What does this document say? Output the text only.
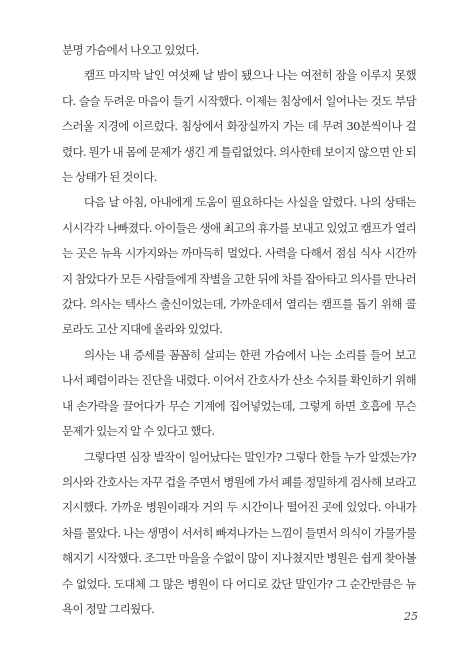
분명 가슴에서 나오고 있었다.

캠프 마지막 날인 여섯째 날 밤이 됐으나 나는 여전히 잠을 이루지 못했다. 슬슬 두려운 마음이 들기 시작했다. 이제는 침상에서 일어나는 것도 부담스러울 지경에 이르렀다. 침상에서 화장실까지 가는 데 무려 30분씩이나 걸렸다. 뭔가 내 몸에 문제가 생긴 게 틀림없었다. 의사한테 보이지 않으면 안 되는 상태가 된 것이다.

다음 날 아침, 아내에게 도움이 필요하다는 사실을 알렸다. 나의 상태는 시시각각 나빠졌다. 아이들은 생애 최고의 휴가를 보내고 있었고 캠프가 열리는 곳은 뉴욕 시가지와는 까마득히 멀었다. 사력을 다해서 점심 식사 시간까지 참았다가 모든 사람들에게 작별을 고한 뒤에 차를 잡아타고 의사를 만나러 갔다. 의사는 텍사스 출신이었는데, 가까운데서 열리는 캠프를 돕기 위해 콜로라도 고산 지대에 올라와 있었다.

의사는 내 증세를 꼼꼼히 살피는 한편 가슴에서 나는 소리를 들어 보고 나서 폐렴이라는 진단을 내렸다. 이어서 간호사가 산소 수치를 확인하기 위해 내 손가락을 끌어다가 무슨 기계에 집어넣었는데, 그렇게 하면 호흡에 무슨 문제가 있는지 알 수 있다고 했다.

그렇다면 심장 발작이 일어났다는 말인가? 그렇다 한들 누가 알겠는가? 의사와 간호사는 자꾸 겁을 주면서 병원에 가서 폐를 정밀하게 검사해 보라고 지시했다. 가까운 병원이래자 거의 두 시간이나 떨어진 곳에 있었다. 아내가 차를 몰았다. 나는 생명이 서서히 빠져나가는 느낌이 들면서 의식이 가물가물해지기 시작했다. 조그만 마을을 수없이 많이 지나쳤지만 병원은 쉽게 찾아볼 수 없었다. 도대체 그 많은 병원이 다 어디로 갔단 말인가? 그 순간만큼은 뉴욕이 정말 그리웠다.

25
